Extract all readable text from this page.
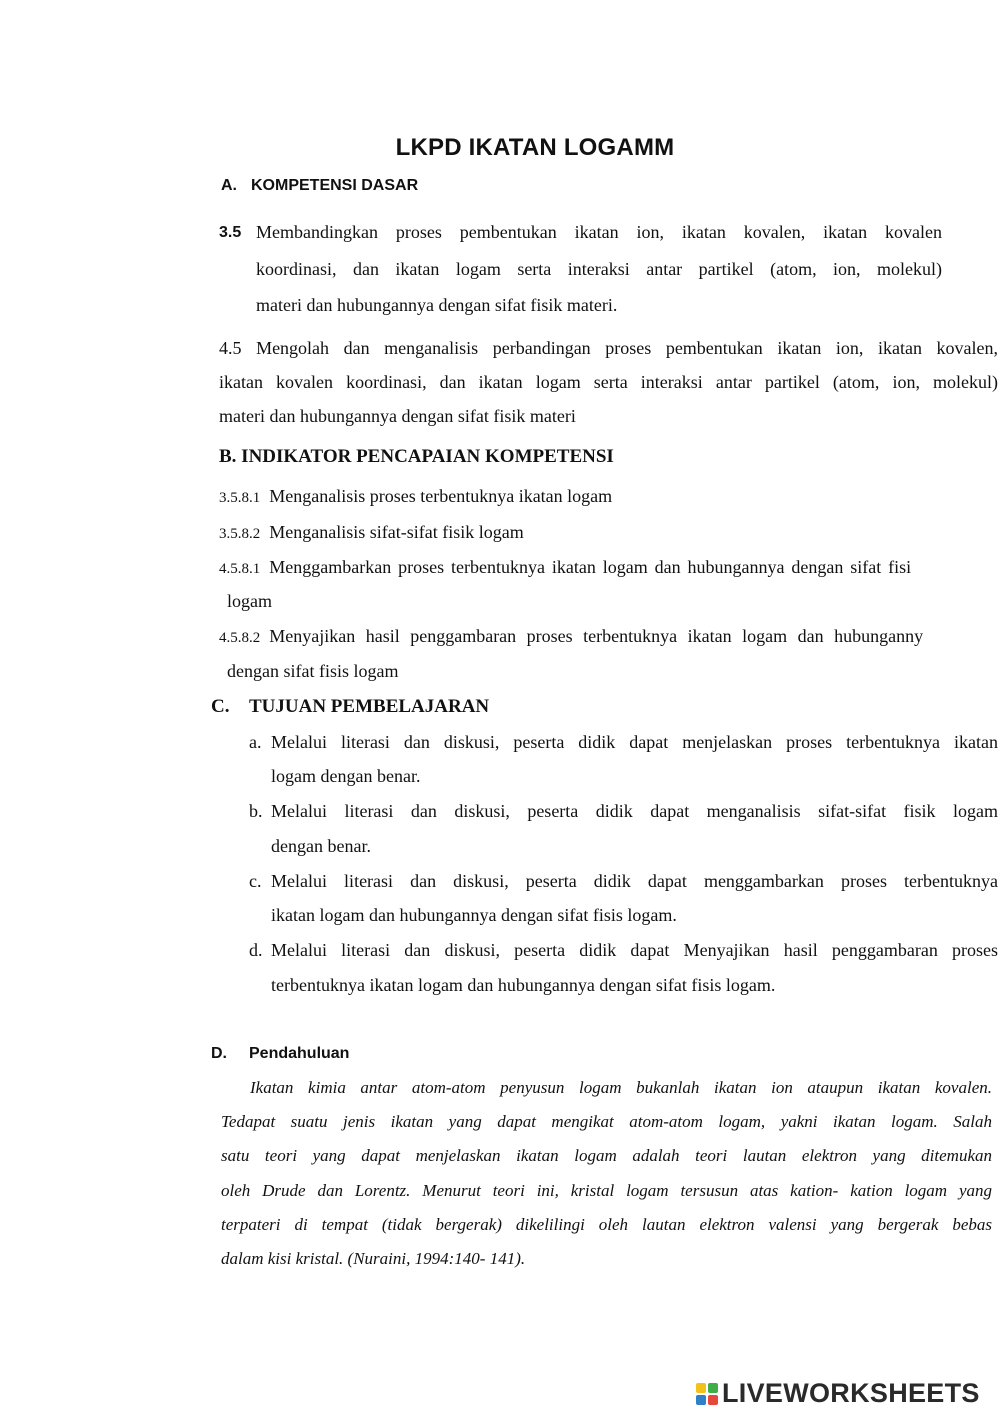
LKPD IKATAN LOGAMM
A. KOMPETENSI DASAR
3.5 Membandingkan proses pembentukan ikatan ion, ikatan kovalen, ikatan kovalen
koordinasi, dan ikatan logam serta interaksi antar partikel (atom, ion, molekul)
materi dan hubungannya dengan sifat fisik materi.
4.5 Mengolah dan menganalisis perbandingan proses pembentukan ikatan ion, ikatan kovalen,
ikatan kovalen koordinasi, dan ikatan logam serta interaksi antar partikel (atom, ion, molekul)
materi dan hubungannya dengan sifat fisik materi
B. INDIKATOR PENCAPAIAN KOMPETENSI
3.5.8.1 Menganalisis proses terbentuknya ikatan logam
3.5.8.2 Menganalisis sifat-sifat fisik logam
4.5.8.1 Menggambarkan proses terbentuknya ikatan logam dan hubungannya dengan sifat fisi
logam
4.5.8.2 Menyajikan hasil penggambaran proses terbentuknya ikatan logam dan hubunganny
dengan sifat fisis logam
C. TUJUAN PEMBELAJARAN
a. Melalui literasi dan diskusi, peserta didik dapat menjelaskan proses terbentuknya ikatan
logam dengan benar.
b. Melalui literasi dan diskusi, peserta didik dapat menganalisis sifat-sifat fisik logam
dengan benar.
c. Melalui literasi dan diskusi, peserta didik dapat menggambarkan proses terbentuknya
ikatan logam dan hubungannya dengan sifat fisis logam.
d. Melalui literasi dan diskusi, peserta didik dapat Menyajikan hasil penggambaran proses
terbentuknya ikatan logam dan hubungannya dengan sifat fisis logam.
D. Pendahuluan
Ikatan kimia antar atom-atom penyusun logam bukanlah ikatan ion ataupun ikatan kovalen.
Tedapat suatu jenis ikatan yang dapat mengikat atom-atom logam, yakni ikatan logam. Salah
satu teori yang dapat menjelaskan ikatan logam adalah teori lautan elektron yang ditemukan
oleh Drude dan Lorentz. Menurut teori ini, kristal logam tersusun atas kation- kation logam yang
terpateri di tempat (tidak bergerak) dikelilingi oleh lautan elektron valensi yang bergerak bebas
dalam kisi kristal. (Nuraini, 1994:140- 141).
LIVEWORKSHEETS
